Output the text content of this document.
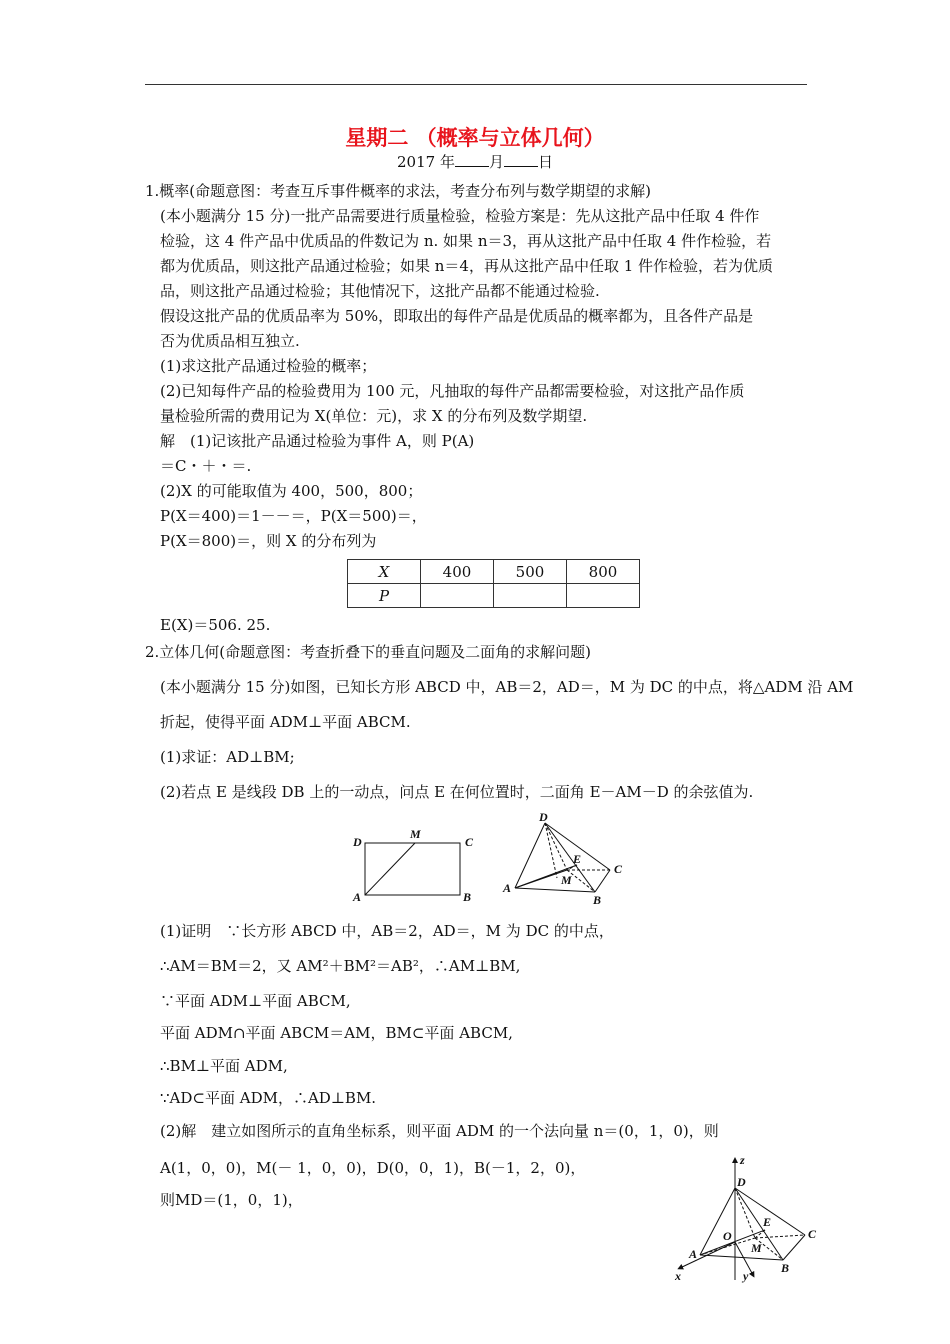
星期二 （概率与立体几何）
2017 年 月 日
1.概率(命题意图：考查互斥事件概率的求法，考查分布列与数学期望的求解)
(本小题满分 15 分)一批产品需要进行质量检验，检验方案是：先从这批产品中任取 4 件作
检验，这 4 件产品中优质品的件数记为 n. 如果 n＝3，再从这批产品中任取 4 件作检验，若
都为优质品，则这批产品通过检验；如果 n＝4，再从这批产品中任取 1 件作检验，若为优质
品，则这批产品通过检验；其他情况下，这批产品都不能通过检验.
假设这批产品的优质品率为 50%，即取出的每件产品是优质品的概率都为，且各件产品是
否为优质品相互独立.
(1)求这批产品通过检验的概率；
(2)已知每件产品的检验费用为 100 元，凡抽取的每件产品都需要检验，对这批产品作质
量检验所需的费用记为 X(单位：元)，求 X 的分布列及数学期望.
解　(1)记该批产品通过检验为事件 A，则 P(A)
＝C・＋・＝.
(2)X 的可能取值为 400，500，800；
P(X＝400)＝1－－＝，P(X＝500)＝，
P(X＝800)＝，则 X 的分布列为
X	400	500	800
P			
E(X)＝506. 25.
2.立体几何(命题意图：考查折叠下的垂直问题及二面角的求解问题)
(本小题满分 15 分)如图，已知长方形 ABCD 中，AB＝2，AD＝，M 为 DC 的中点，将△ADM 沿 AM
折起，使得平面 ADM⊥平面 ABCM.
(1)求证：AD⊥BM;
(2)若点 E 是线段 DB 上的一动点，问点 E 在何位置时，二面角 E－AM－D 的余弦值为.
D
M
C
A	B
D
E
C
M
A
B
(1)证明　∵长方形 ABCD 中，AB＝2，AD＝，M 为 DC 的中点，
∴AM＝BM＝2，又 AM²＋BM²＝AB²，∴AM⊥BM,
∵平面 ADM⊥平面 ABCM,
平面 ADM∩平面 ABCM＝AM，BM⊂平面 ABCM,
∴BM⊥平面 ADM,
∵AD⊂平面 ADM，∴AD⊥BM.
(2)解　建立如图所示的直角坐标系，则平面 ADM 的一个法向量 n＝(0，1，0)，则
A(1，0，0)，M(－ 1，0，0)，D(0，0，1)，B(－1，2，0)，
则MD＝(1，0，1)，
z
D
E
C
O
M
A
B
x	y
